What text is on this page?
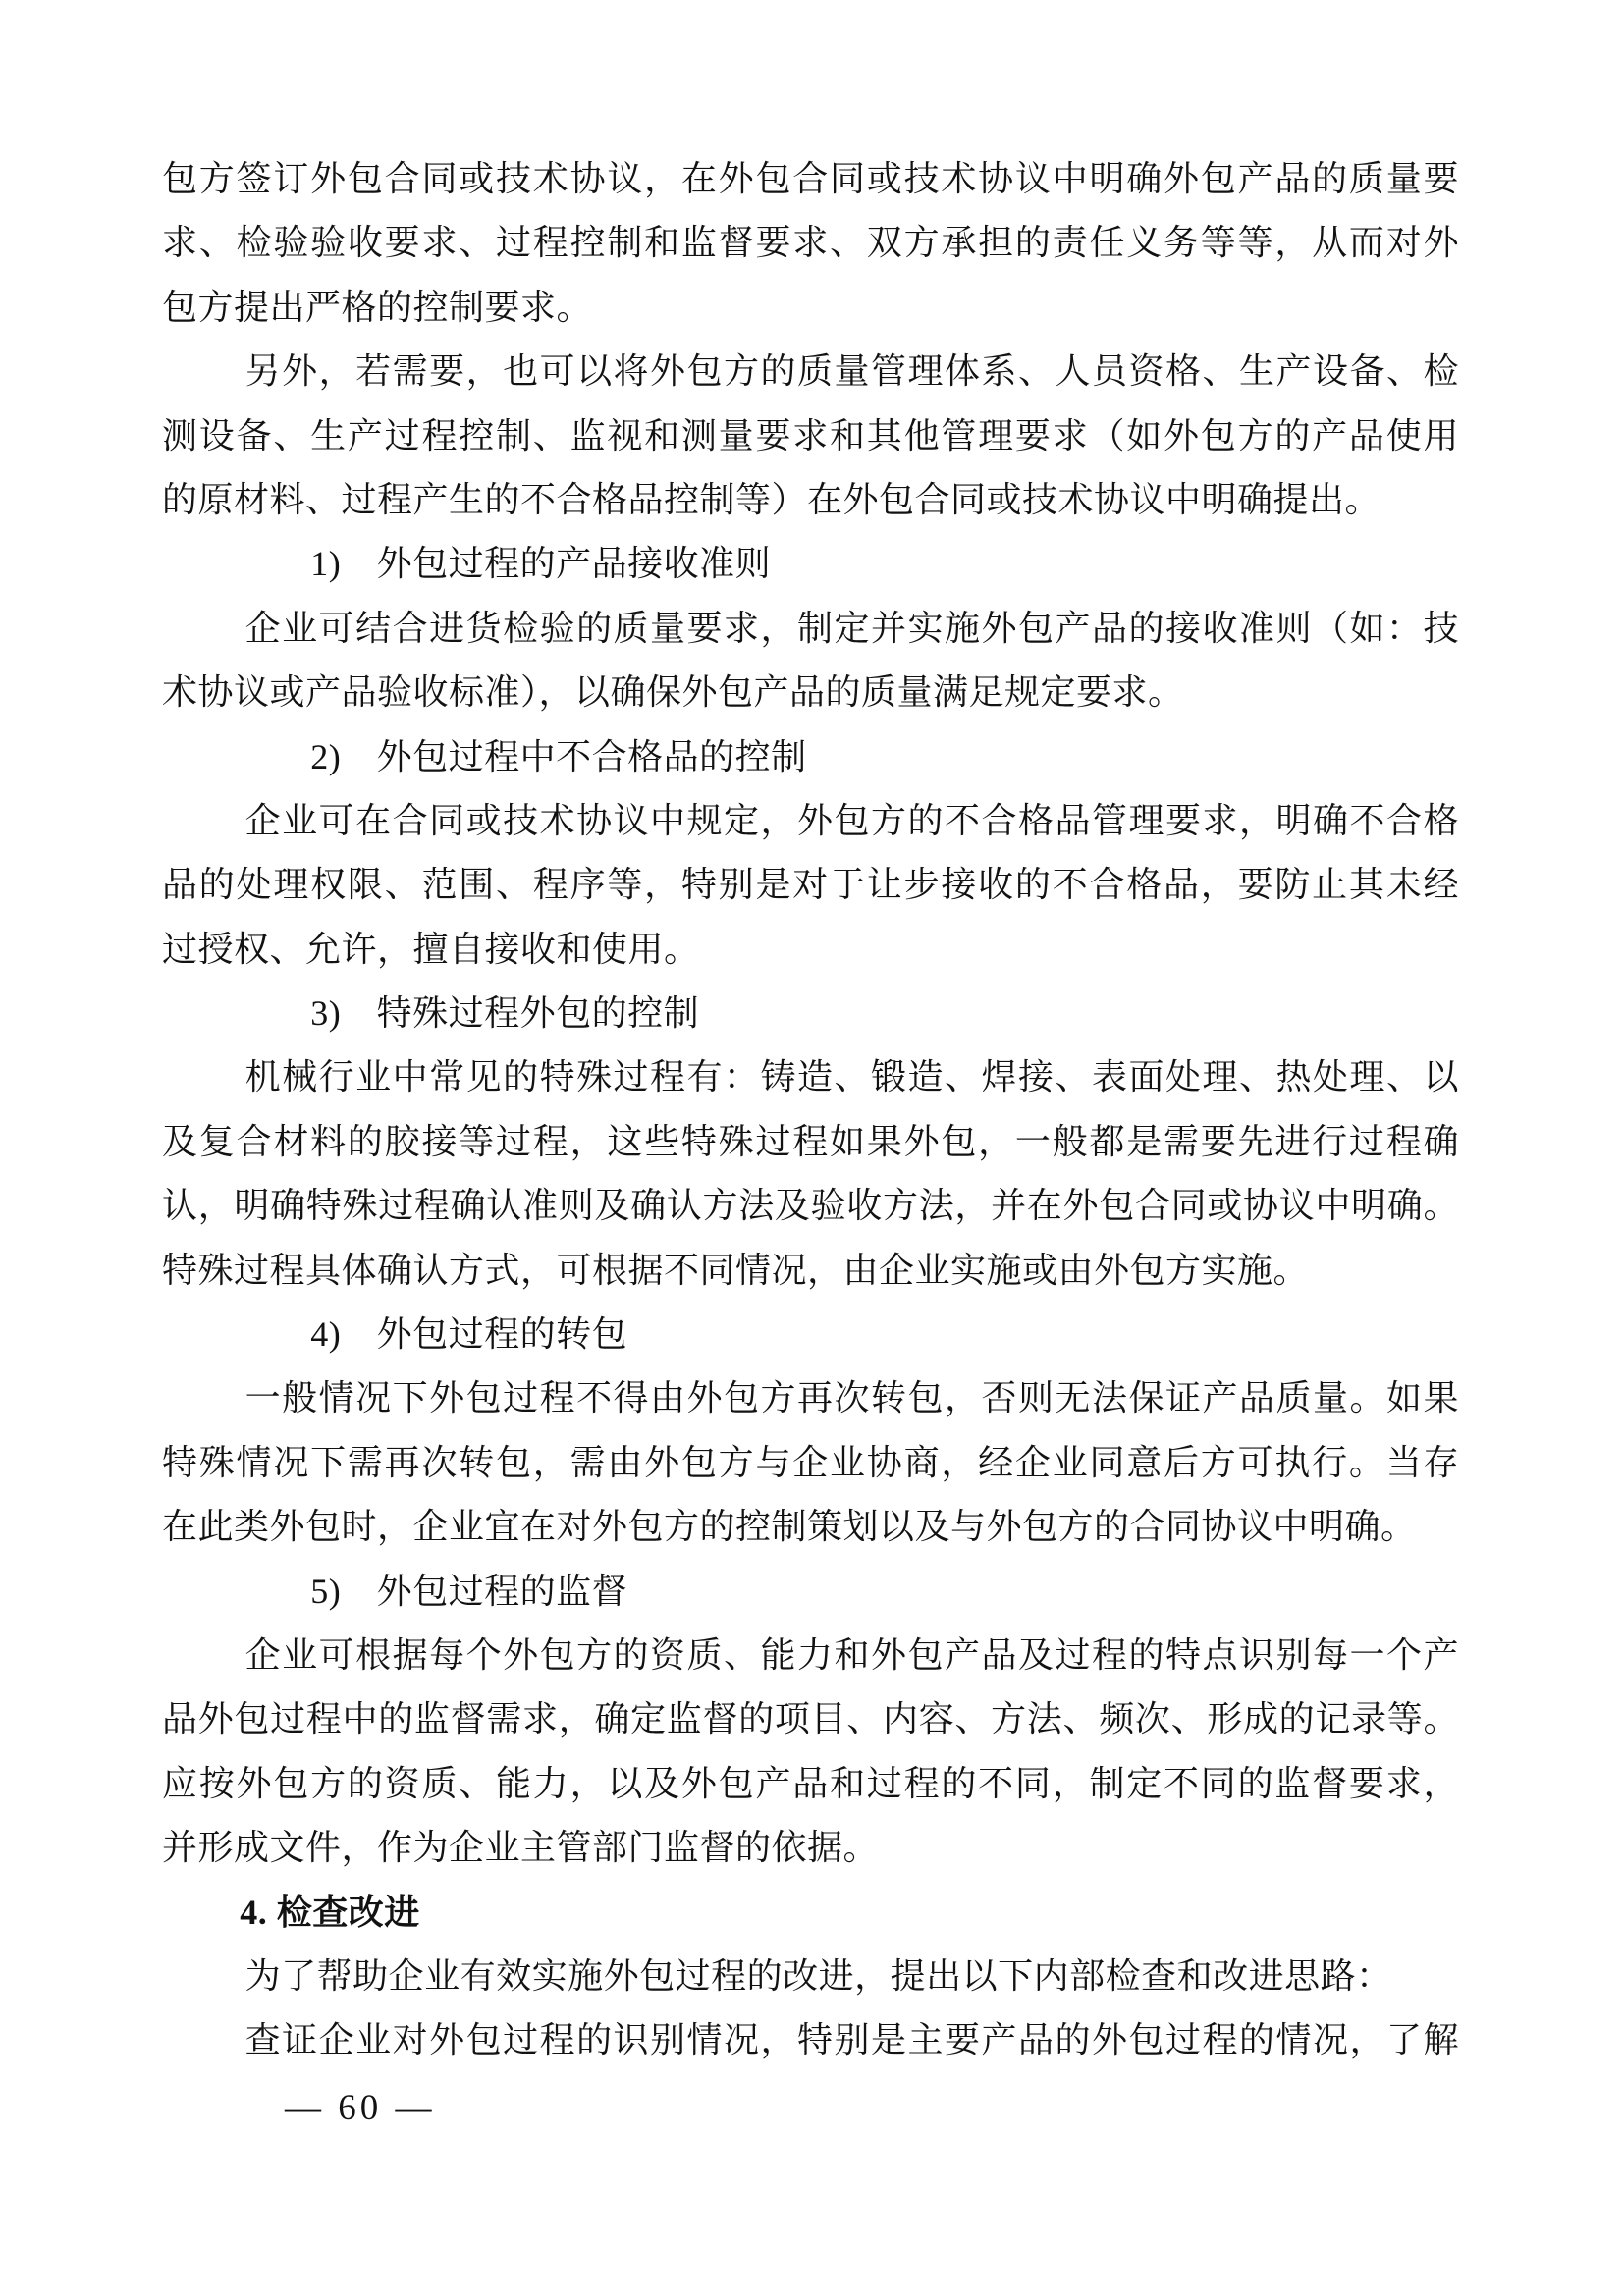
包方签订外包合同或技术协议，在外包合同或技术协议中明确外包产品的质量要
求、检验验收要求、过程控制和监督要求、双方承担的责任义务等等，从而对外
包方提出严格的控制要求。
另外，若需要，也可以将外包方的质量管理体系、人员资格、生产设备、检
测设备、生产过程控制、监视和测量要求和其他管理要求（如外包方的产品使用
的原材料、过程产生的不合格品控制等）在外包合同或技术协议中明确提出。
1)　外包过程的产品接收准则
企业可结合进货检验的质量要求，制定并实施外包产品的接收准则（如：技
术协议或产品验收标准），以确保外包产品的质量满足规定要求。
2)　外包过程中不合格品的控制
企业可在合同或技术协议中规定，外包方的不合格品管理要求，明确不合格
品的处理权限、范围、程序等，特别是对于让步接收的不合格品，要防止其未经
过授权、允许，擅自接收和使用。
3)　特殊过程外包的控制
机械行业中常见的特殊过程有：铸造、锻造、焊接、表面处理、热处理、以
及复合材料的胶接等过程，这些特殊过程如果外包，一般都是需要先进行过程确
认，明确特殊过程确认准则及确认方法及验收方法，并在外包合同或协议中明确。
特殊过程具体确认方式，可根据不同情况，由企业实施或由外包方实施。
4)　外包过程的转包
一般情况下外包过程不得由外包方再次转包，否则无法保证产品质量。如果
特殊情况下需再次转包，需由外包方与企业协商，经企业同意后方可执行。当存
在此类外包时，企业宜在对外包方的控制策划以及与外包方的合同协议中明确。
5)　外包过程的监督
企业可根据每个外包方的资质、能力和外包产品及过程的特点识别每一个产
品外包过程中的监督需求，确定监督的项目、内容、方法、频次、形成的记录等。
应按外包方的资质、能力，以及外包产品和过程的不同，制定不同的监督要求，
并形成文件，作为企业主管部门监督的依据。
4. 检查改进
为了帮助企业有效实施外包过程的改进，提出以下内部检查和改进思路：
查证企业对外包过程的识别情况，特别是主要产品的外包过程的情况，了解
— 60 —
